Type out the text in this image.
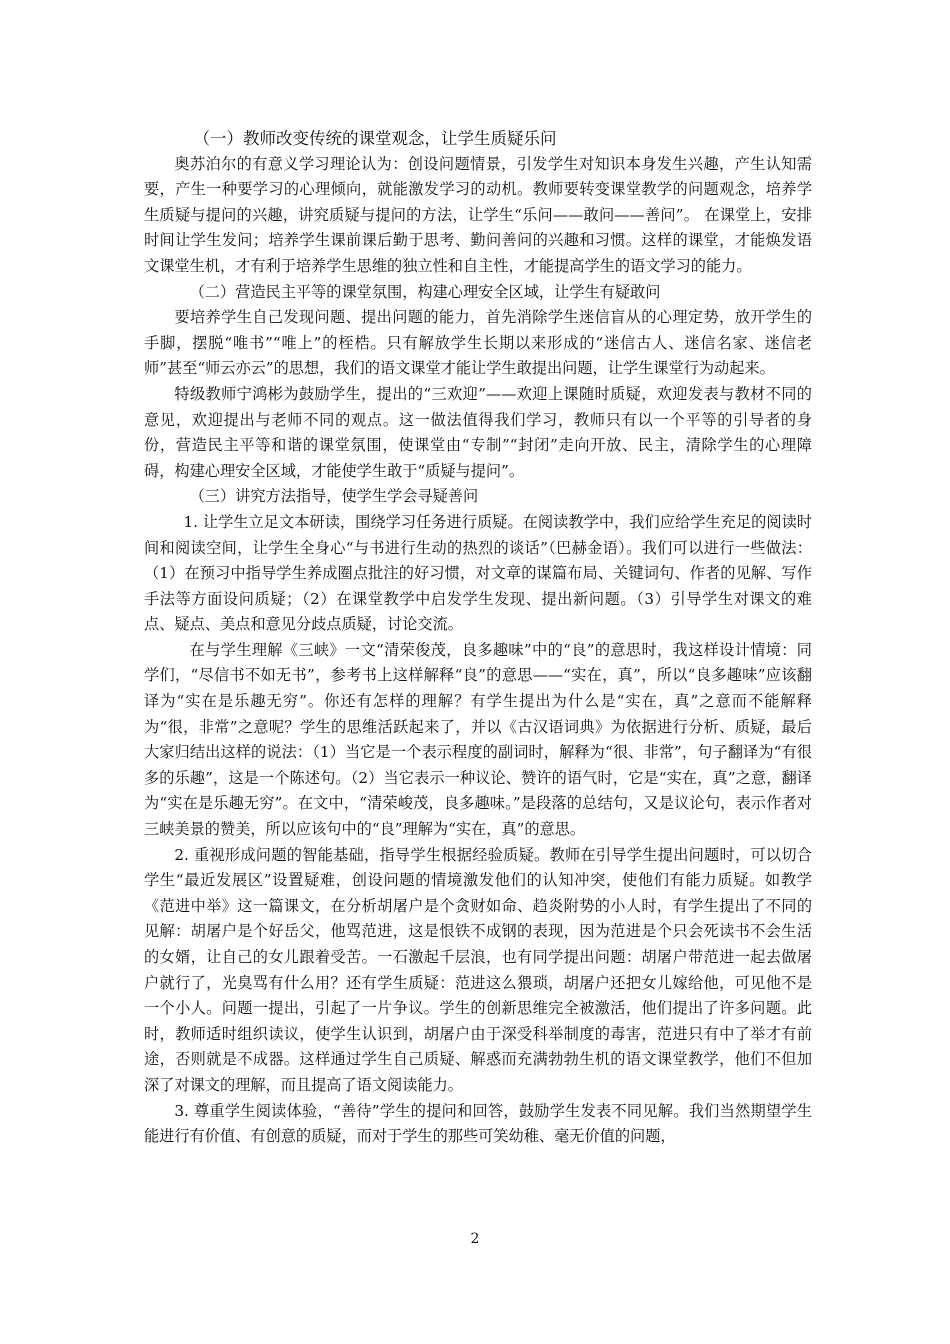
（一）教师改变传统的课堂观念，让学生质疑乐问

奥苏泊尔的有意义学习理论认为：创设问题情景，引发学生对知识本身发生兴趣，产生认知需要，产生一种要学习的心理倾向，就能激发学习的动机。教师要转变课堂教学的问题观念，培养学生质疑与提问的兴趣，讲究质疑与提问的方法，让学生“乐问——敢问——善问”。 在课堂上，安排时间让学生发问；培养学生课前课后勤于思考、勤问善问的兴趣和习惯。这样的课堂，才能焕发语文课堂生机，才有利于培养学生思维的独立性和自主性，才能提高学生的语文学习的能力。

（二）营造民主平等的课堂氛围，构建心理安全区域，让学生有疑敢问

要培养学生自己发现问题、提出问题的能力，首先消除学生迷信盲从的心理定势，放开学生的手脚，摆脱“唯书”“唯上”的桎梏。只有解放学生长期以来形成的“迷信古人、迷信名家、迷信老师”甚至“师云亦云”的思想，我们的语文课堂才能让学生敢提出问题，让学生课堂行为动起来。

特级教师宁鸿彬为鼓励学生，提出的“三欢迎”——欢迎上课随时质疑，欢迎发表与教材不同的意见，欢迎提出与老师不同的观点。这一做法值得我们学习，教师只有以一个平等的引导者的身份，营造民主平等和谐的课堂氛围，使课堂由“专制”“封闭”走向开放、民主，清除学生的心理障碍，构建心理安全区域，才能使学生敢于“质疑与提问”。

（三）讲究方法指导，使学生学会寻疑善问

1. 让学生立足文本研读，围绕学习任务进行质疑。在阅读教学中，我们应给学生充足的阅读时间和阅读空间，让学生全身心“与书进行生动的热烈的谈话”（巴赫金语）。我们可以进行一些做法：（1）在预习中指导学生养成圈点批注的好习惯，对文章的谋篇布局、关键词句、作者的见解、写作手法等方面设问质疑；（2）在课堂教学中启发学生发现、提出新问题。（3）引导学生对课文的难点、疑点、美点和意见分歧点质疑，讨论交流。

在与学生理解《三峡》一文“清荣俊茂，良多趣味”中的“良”的意思时，我这样设计情境：同学们，“尽信书不如无书”，参考书上这样解释“良”的意思——“实在，真”，所以“良多趣味”应该翻译为“实在是乐趣无穷”。你还有怎样的理解？有学生提出为什么是“实在，真”之意而不能解释为“很，非常”之意呢？学生的思维活跃起来了，并以《古汉语词典》为依据进行分析、质疑，最后大家归结出这样的说法：（1）当它是一个表示程度的副词时，解释为“很、非常”，句子翻译为“有很多的乐趣”，这是一个陈述句。（2）当它表示一种议论、赞许的语气时，它是“实在，真”之意，翻译为“实在是乐趣无穷”。在文中，“清荣峻茂，良多趣味。”是段落的总结句，又是议论句，表示作者对三峡美景的赞美，所以应该句中的“良”理解为“实在，真”的意思。

2. 重视形成问题的智能基础，指导学生根据经验质疑。教师在引导学生提出问题时，可以切合学生“最近发展区”设置疑难，创设问题的情境激发他们的认知冲突，使他们有能力质疑。如教学《范进中举》这一篇课文，在分析胡屠户是个贪财如命、趋炎附势的小人时，有学生提出了不同的见解：胡屠户是个好岳父，他骂范进，这是恨铁不成钢的表现，因为范进是个只会死读书不会生活的女婿，让自己的女儿跟着受苦。一石激起千层浪，也有同学提出问题：胡屠户带范进一起去做屠户就行了，光臭骂有什么用？还有学生质疑：范进这么猥琐，胡屠户还把女儿嫁给他，可见他不是一个小人。问题一提出，引起了一片争议。学生的创新思维完全被激活，他们提出了许多问题。此时，教师适时组织读议，使学生认识到，胡屠户由于深受科举制度的毒害，范进只有中了举才有前途，否则就是不成器。这样通过学生自己质疑、解惑而充满勃勃生机的语文课堂教学，他们不但加深了对课文的理解，而且提高了语文阅读能力。

3. 尊重学生阅读体验，“善待”学生的提问和回答，鼓励学生发表不同见解。我们当然期望学生能进行有价值、有创意的质疑，而对于学生的那些可笑幼稚、毫无价值的问题，

2
